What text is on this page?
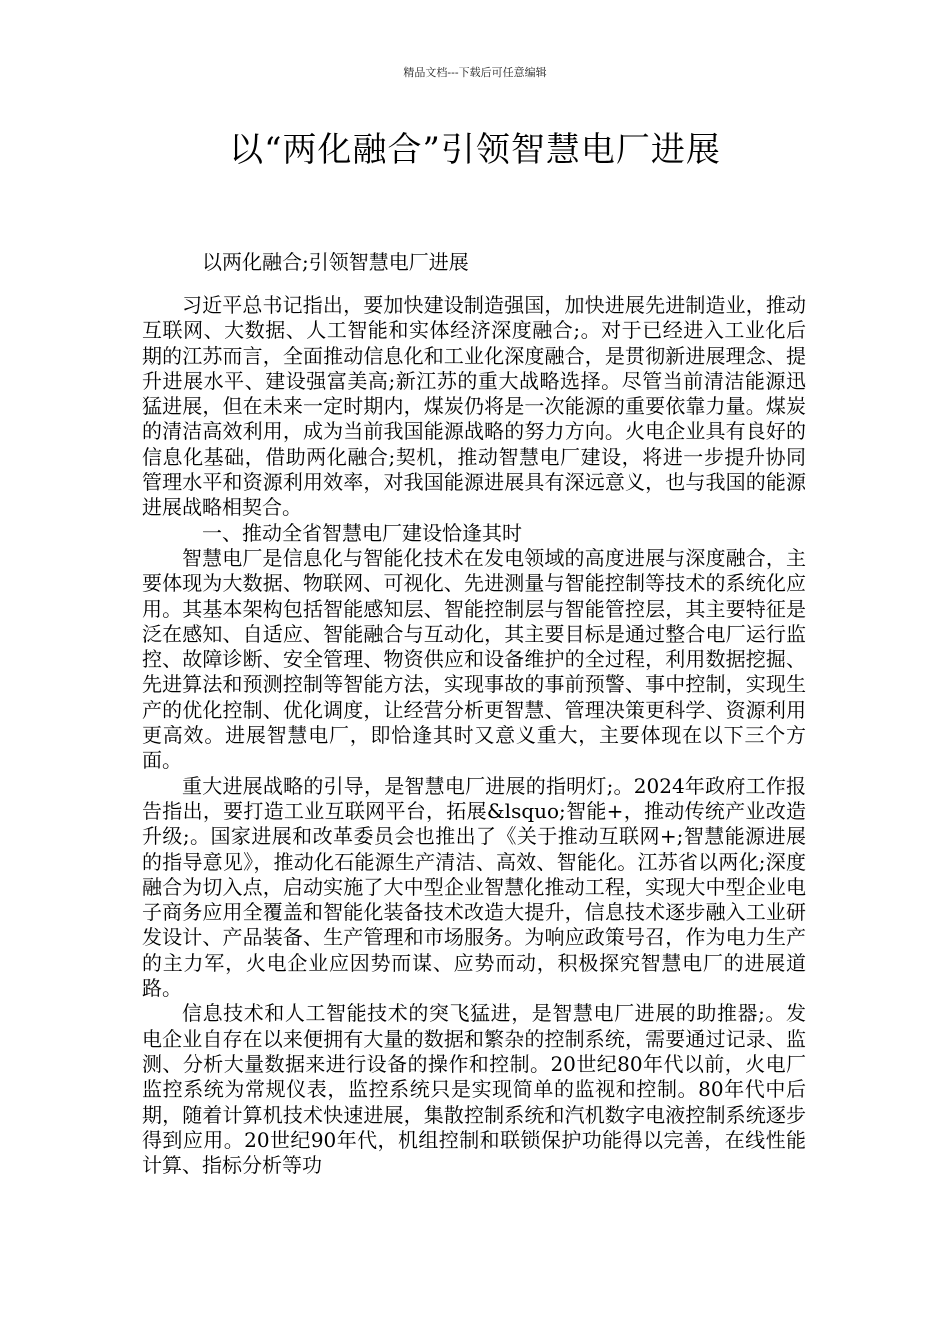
精品文档---下载后可任意编辑
以“两化融合”引领智慧电厂进展

以两化融合;引领智慧电厂进展

习近平总书记指出，要加快建设制造强国，加快进展先进制造业，推动互联网、大数据、人工智能和实体经济深度融合;。对于已经进入工业化后期的江苏而言，全面推动信息化和工业化深度融合，是贯彻新进展理念、提升进展水平、建设强富美高;新江苏的重大战略选择。尽管当前清洁能源迅猛进展，但在未来一定时期内，煤炭仍将是一次能源的重要依靠力量。煤炭的清洁高效利用，成为当前我国能源战略的努力方向。火电企业具有良好的信息化基础，借助两化融合;契机，推动智慧电厂建设，将进一步提升协同管理水平和资源利用效率，对我国能源进展具有深远意义，也与我国的能源进展战略相契合。

一、推动全省智慧电厂建设恰逢其时

智慧电厂是信息化与智能化技术在发电领域的高度进展与深度融合，主要体现为大数据、物联网、可视化、先进测量与智能控制等技术的系统化应用。其基本架构包括智能感知层、智能控制层与智能管控层，其主要特征是泛在感知、自适应、智能融合与互动化，其主要目标是通过整合电厂运行监控、故障诊断、安全管理、物资供应和设备维护的全过程，利用数据挖掘、先进算法和预测控制等智能方法，实现事故的事前预警、事中控制，实现生产的优化控制、优化调度，让经营分析更智慧、管理决策更科学、资源利用更高效。进展智慧电厂，即恰逢其时又意义重大，主要体现在以下三个方面。

重大进展战略的引导，是智慧电厂进展的指明灯;。2024年政府工作报告指出，要打造工业互联网平台，拓展&lsquo;智能+，推动传统产业改造升级;。国家进展和改革委员会也推出了《关于推动互联网+;智慧能源进展的指导意见》，推动化石能源生产清洁、高效、智能化。江苏省以两化;深度融合为切入点，启动实施了大中型企业智慧化推动工程，实现大中型企业电子商务应用全覆盖和智能化装备技术改造大提升，信息技术逐步融入工业研发设计、产品装备、生产管理和市场服务。为响应政策号召，作为电力生产的主力军，火电企业应因势而谋、应势而动，积极探究智慧电厂的进展道路。

信息技术和人工智能技术的突飞猛进，是智慧电厂进展的助推器;。发电企业自存在以来便拥有大量的数据和繁杂的控制系统，需要通过记录、监测、分析大量数据来进行设备的操作和控制。20世纪80年代以前，火电厂监控系统为常规仪表，监控系统只是实现简单的监视和控制。80年代中后期，随着计算机技术快速进展，集散控制系统和汽机数字电液控制系统逐步得到应用。20世纪90年代，机组控制和联锁保护功能得以完善，在线性能计算、指标分析等功
